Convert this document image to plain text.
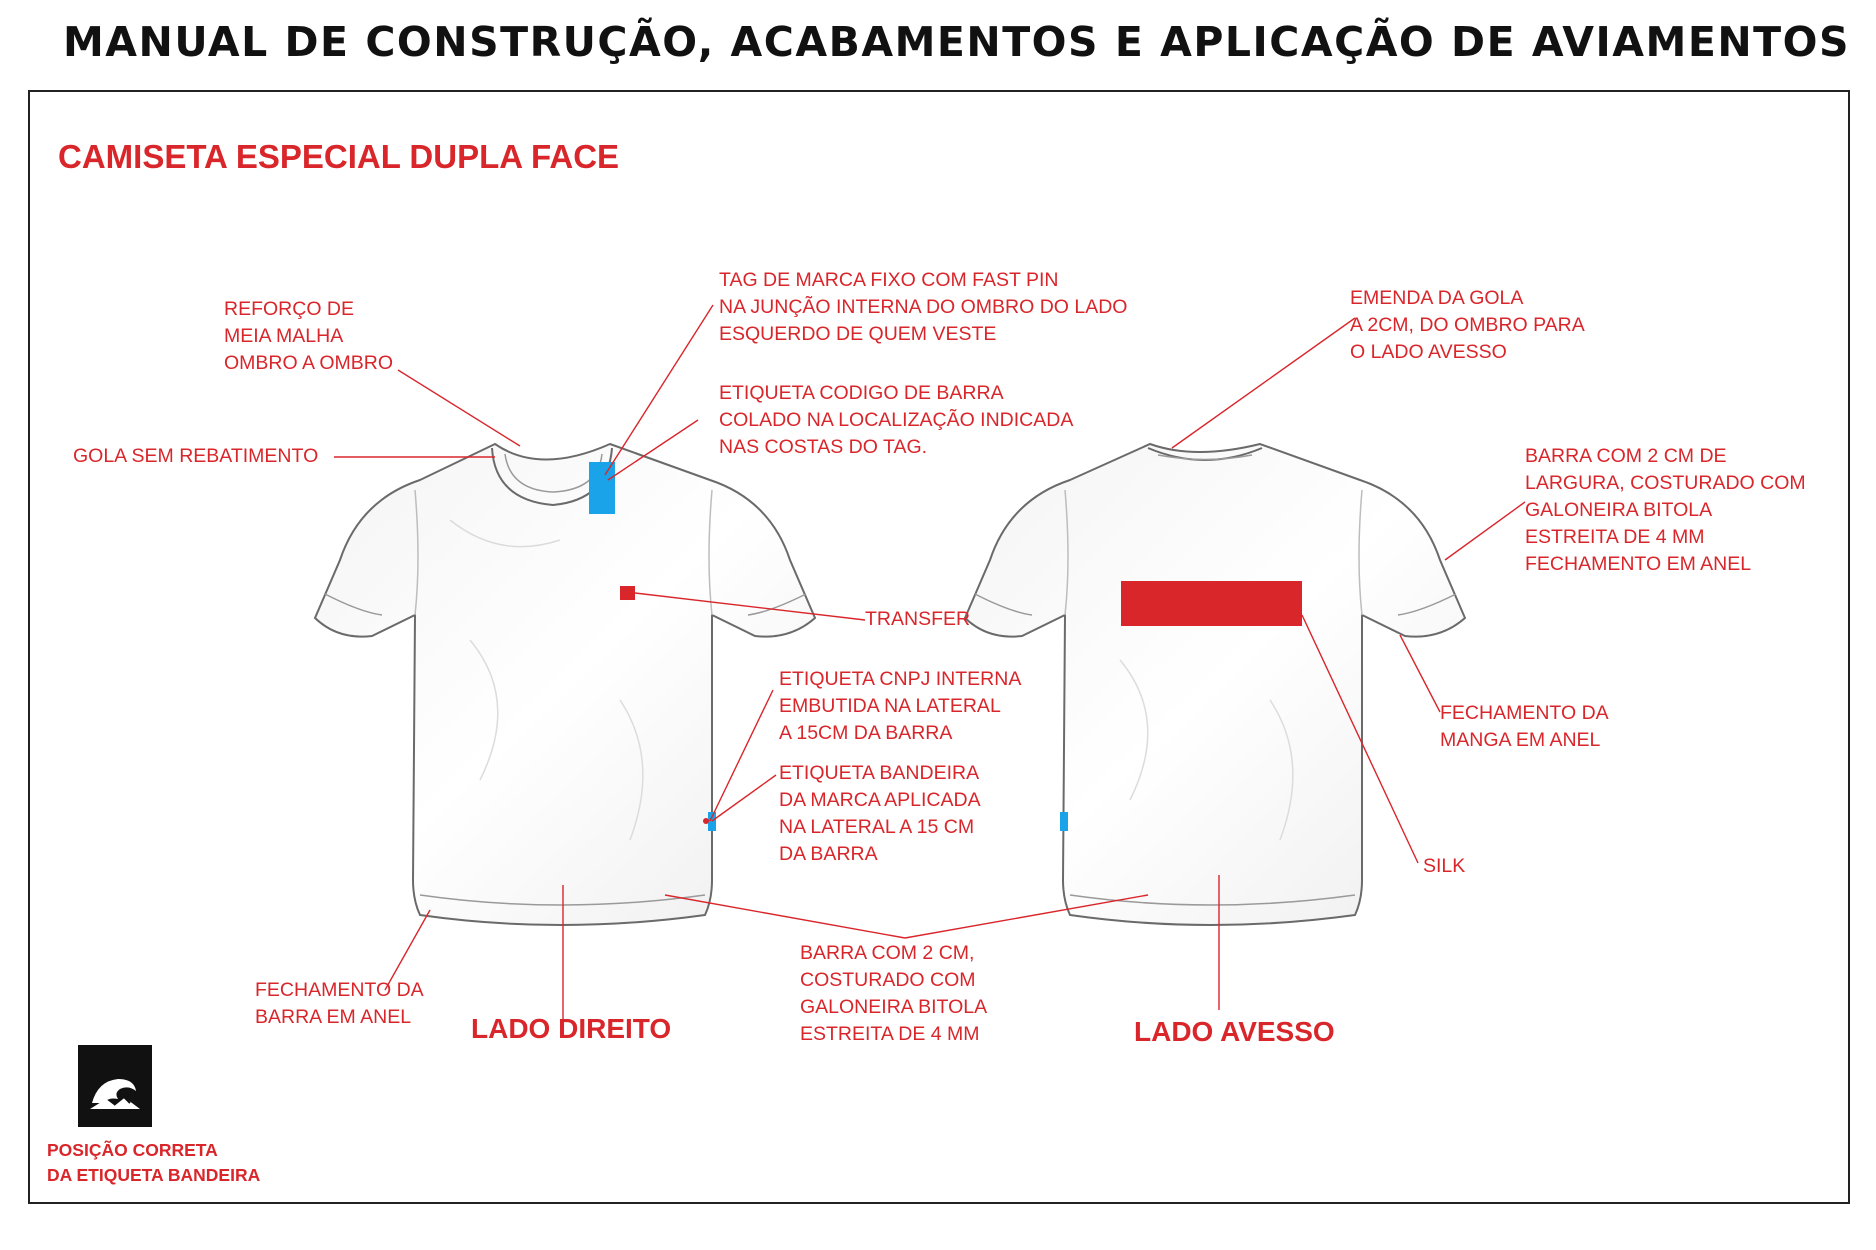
MANUAL DE CONSTRUÇÃO, ACABAMENTOS E APLICAÇÃO DE AVIAMENTOS
CAMISETA ESPECIAL DUPLA FACE
REFORÇO DE
MEIA MALHA
OMBRO A OMBRO
GOLA SEM REBATIMENTO
TAG DE MARCA FIXO COM FAST PIN
NA JUNÇÃO INTERNA DO OMBRO DO LADO
ESQUERDO DE QUEM VESTE
ETIQUETA CODIGO DE BARRA
COLADO NA LOCALIZAÇÃO INDICADA
NAS COSTAS DO TAG.
TRANSFER
ETIQUETA CNPJ INTERNA
EMBUTIDA NA LATERAL
A 15CM DA BARRA
ETIQUETA BANDEIRA
DA MARCA APLICADA
NA LATERAL A 15 CM
DA BARRA
FECHAMENTO DA
BARRA EM ANEL
BARRA COM 2 CM,
COSTURADO COM
GALONEIRA BITOLA
ESTREITA DE 4 MM
EMENDA DA GOLA
A 2CM, DO OMBRO PARA
O LADO AVESSO
BARRA COM 2 CM DE
LARGURA, COSTURADO COM
GALONEIRA BITOLA
ESTREITA DE 4 MM
FECHAMENTO EM ANEL
FECHAMENTO DA
MANGA EM ANEL
SILK
LADO DIREITO	LADO AVESSO
POSIÇÃO CORRETA
DA ETIQUETA BANDEIRA
